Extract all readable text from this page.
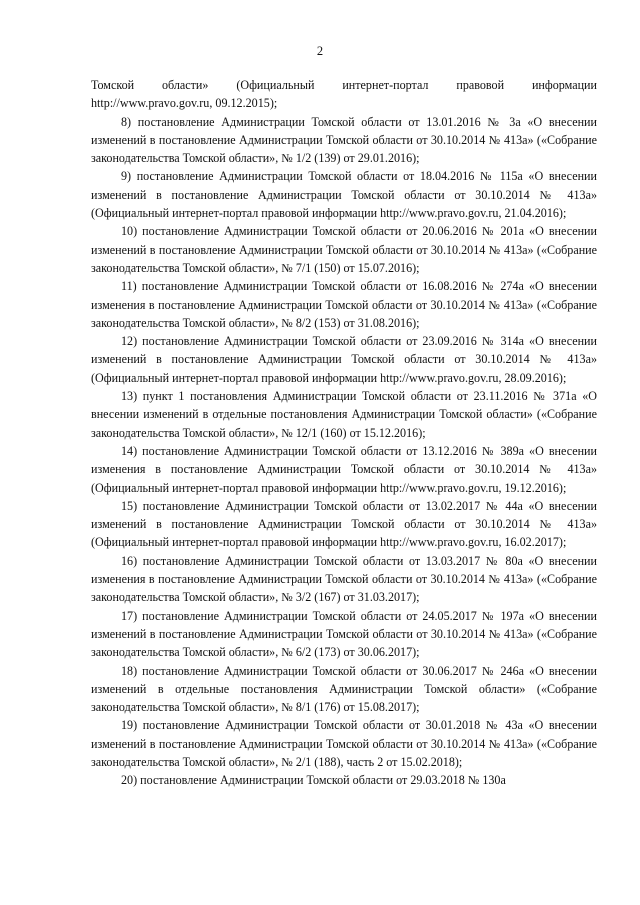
2

Томской области» (Официальный интернет-портал правовой информации http://www.pravo.gov.ru, 09.12.2015);

8) постановление Администрации Томской области от 13.01.2016 № 3а «О внесении изменений в постановление Администрации Томской области от 30.10.2014 № 413а» («Собрание законодательства Томской области», № 1/2 (139) от 29.01.2016);

9) постановление Администрации Томской области от 18.04.2016 № 115а «О внесении изменений в постановление Администрации Томской области от 30.10.2014 № 413а» (Официальный интернет-портал правовой информации http://www.pravo.gov.ru, 21.04.2016);

10) постановление Администрации Томской области от 20.06.2016 № 201а «О внесении изменений в постановление Администрации Томской области от 30.10.2014 № 413а» («Собрание законодательства Томской области», № 7/1 (150) от 15.07.2016);

11) постановление Администрации Томской области от 16.08.2016 № 274а «О внесении изменения в постановление Администрации Томской области от 30.10.2014 № 413а» («Собрание законодательства Томской области», № 8/2 (153) от 31.08.2016);

12) постановление Администрации Томской области от 23.09.2016 № 314а «О внесении изменений в постановление Администрации Томской области от 30.10.2014 № 413а» (Официальный интернет-портал правовой информации http://www.pravo.gov.ru, 28.09.2016);

13) пункт 1 постановления Администрации Томской области от 23.11.2016 № 371а «О внесении изменений в отдельные постановления Администрации Томской области» («Собрание законодательства Томской области», № 12/1 (160) от 15.12.2016);

14) постановление Администрации Томской области от 13.12.2016 № 389а «О внесении изменения в постановление Администрации Томской области от 30.10.2014 № 413а» (Официальный интернет-портал правовой информации http://www.pravo.gov.ru, 19.12.2016);

15) постановление Администрации Томской области от 13.02.2017 № 44а «О внесении изменений в постановление Администрации Томской области от 30.10.2014 № 413а» (Официальный интернет-портал правовой информации http://www.pravo.gov.ru, 16.02.2017);

16) постановление Администрации Томской области от 13.03.2017 № 80а «О внесении изменения в постановление Администрации Томской области от 30.10.2014 № 413а» («Собрание законодательства Томской области», № 3/2 (167) от 31.03.2017);

17) постановление Администрации Томской области от 24.05.2017 № 197а «О внесении изменений в постановление Администрации Томской области от 30.10.2014 № 413а» («Собрание законодательства Томской области», № 6/2 (173) от 30.06.2017);

18) постановление Администрации Томской области от 30.06.2017 № 246а «О внесении изменений в отдельные постановления Администрации Томской области» («Собрание законодательства Томской области», № 8/1 (176) от 15.08.2017);

19) постановление Администрации Томской области от 30.01.2018 № 43а «О внесении изменений в постановление Администрации Томской области от 30.10.2014 № 413а» («Собрание законодательства Томской области», № 2/1 (188), часть 2 от 15.02.2018);

20) постановление Администрации Томской области от 29.03.2018 № 130а
